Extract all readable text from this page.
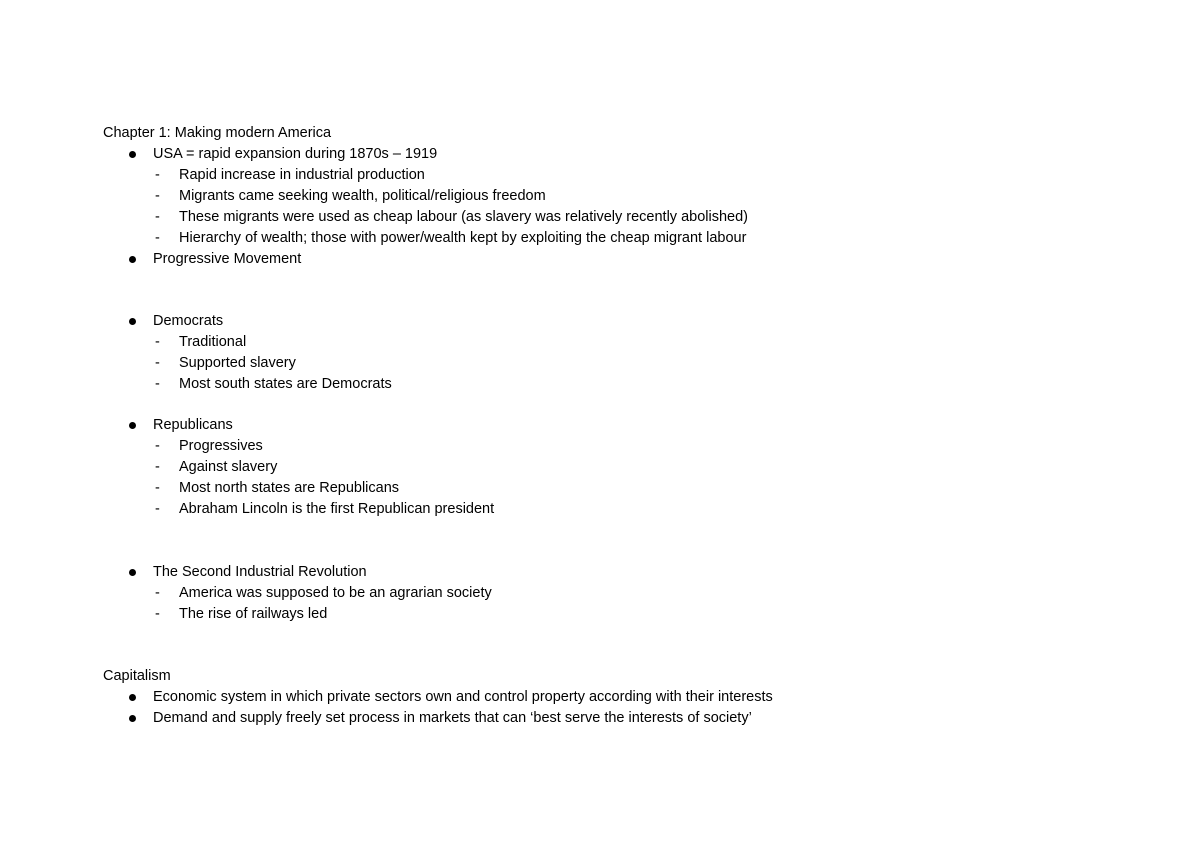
Chapter 1: Making modern America
USA = rapid expansion during 1870s – 1919
- Rapid increase in industrial production
- Migrants came seeking wealth, political/religious freedom
- These migrants were used as cheap labour (as slavery was relatively recently abolished)
- Hierarchy of wealth; those with power/wealth kept by exploiting the cheap migrant labour
Progressive Movement
Democrats
- Traditional
- Supported slavery
- Most south states are Democrats
Republicans
- Progressives
- Against slavery
- Most north states are Republicans
- Abraham Lincoln is the first Republican president
The Second Industrial Revolution
- America was supposed to be an agrarian society
- The rise of railways led
Capitalism
Economic system in which private sectors own and control property according with their interests
Demand and supply freely set process in markets that can ‘best serve the interests of society’
